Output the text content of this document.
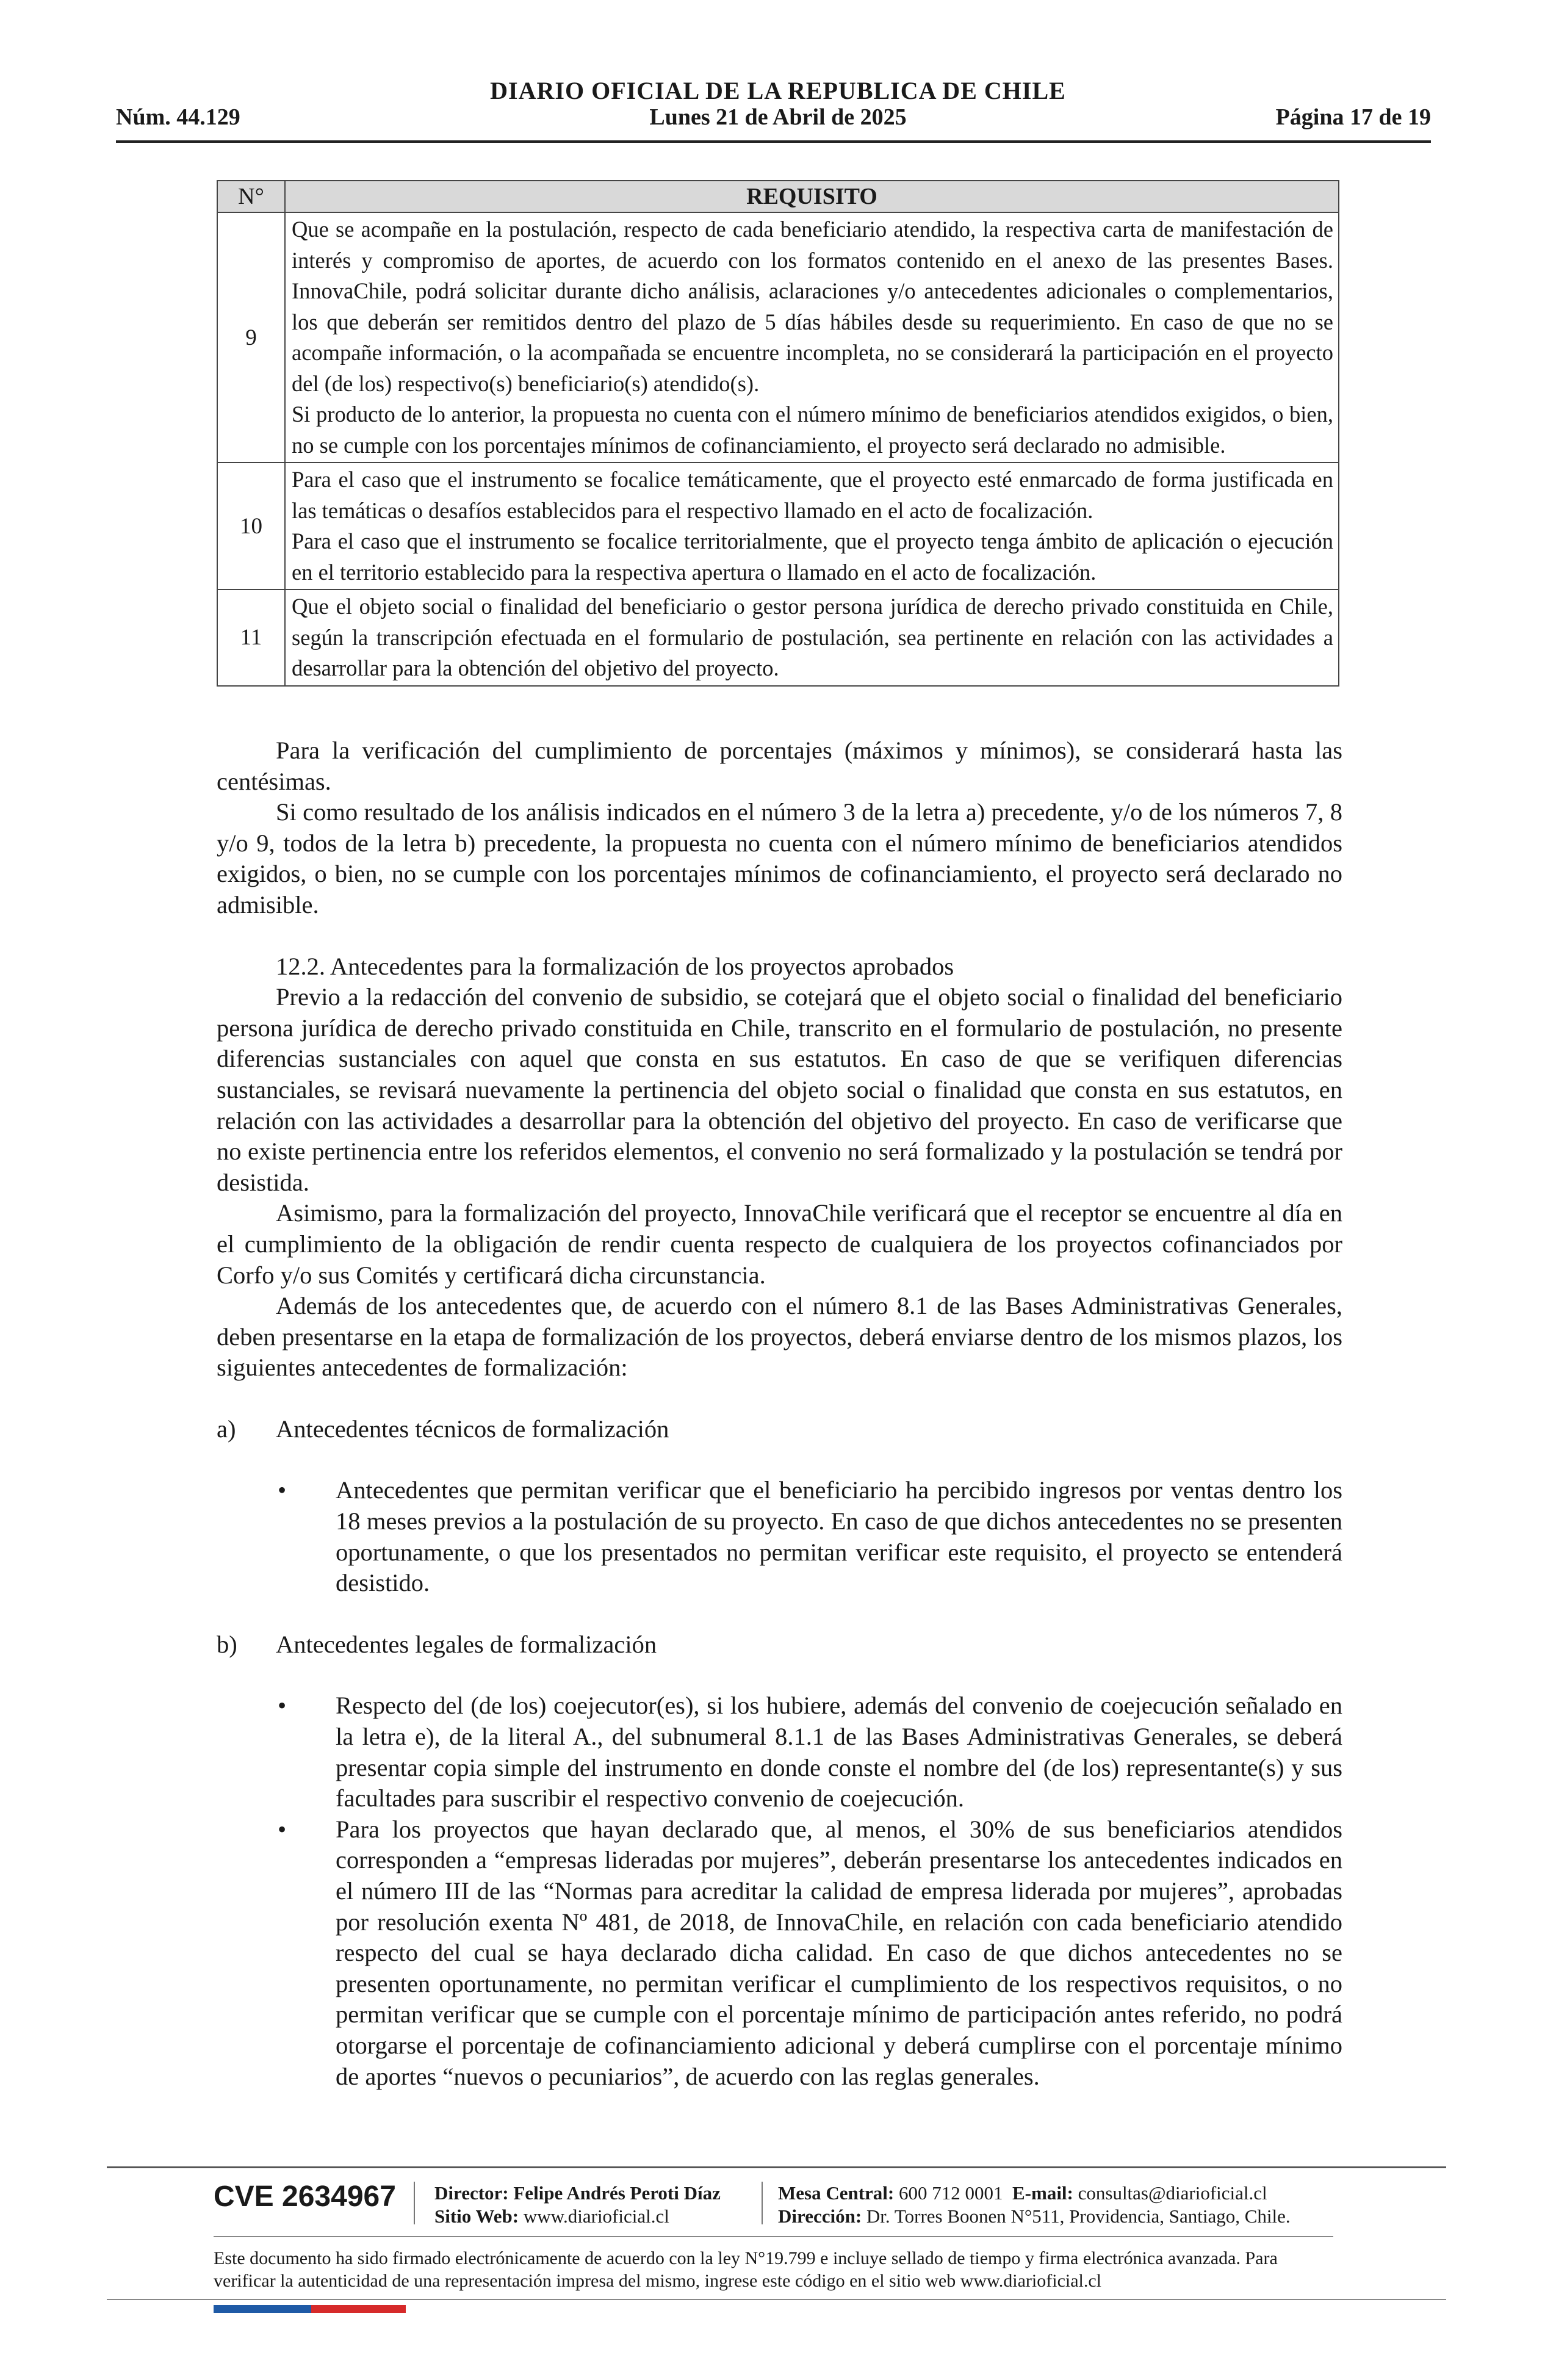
DIARIO OFICIAL DE LA REPUBLICA DE CHILE
Núm. 44.129	Lunes 21 de Abril de 2025	Página 17 de 19
N°	REQUISITO
9	Que se acompañe en la postulación, respecto de cada beneficiario atendido, la respectiva carta de manifestación de interés y compromiso de aportes, de acuerdo con los formatos contenido en el anexo de las presentes Bases. InnovaChile, podrá solicitar durante dicho análisis, aclaraciones y/o antecedentes adicionales o complementarios, los que deberán ser remitidos dentro del plazo de 5 días hábiles desde su requerimiento. En caso de que no se acompañe información, o la acompañada se encuentre incompleta, no se considerará la participación en el proyecto del (de los) respectivo(s) beneficiario(s) atendido(s).
Si producto de lo anterior, la propuesta no cuenta con el número mínimo de beneficiarios atendidos exigidos, o bien, no se cumple con los porcentajes mínimos de cofinanciamiento, el proyecto será declarado no admisible.
10	Para el caso que el instrumento se focalice temáticamente, que el proyecto esté enmarcado de forma justificada en las temáticas o desafíos establecidos para el respectivo llamado en el acto de focalización.
Para el caso que el instrumento se focalice territorialmente, que el proyecto tenga ámbito de aplicación o ejecución en el territorio establecido para la respectiva apertura o llamado en el acto de focalización.
11	Que el objeto social o finalidad del beneficiario o gestor persona jurídica de derecho privado constituida en Chile, según la transcripción efectuada en el formulario de postulación, sea pertinente en relación con las actividades a desarrollar para la obtención del objetivo del proyecto.

Para la verificación del cumplimiento de porcentajes (máximos y mínimos), se considerará hasta las centésimas.

Si como resultado de los análisis indicados en el número 3 de la letra a) precedente, y/o de los números 7, 8 y/o 9, todos de la letra b) precedente, la propuesta no cuenta con el número mínimo de beneficiarios atendidos exigidos, o bien, no se cumple con los porcentajes mínimos de cofinanciamiento, el proyecto será declarado no admisible.

12.2. Antecedentes para la formalización de los proyectos aprobados

Previo a la redacción del convenio de subsidio, se cotejará que el objeto social o finalidad del beneficiario persona jurídica de derecho privado constituida en Chile, transcrito en el formulario de postulación, no presente diferencias sustanciales con aquel que consta en sus estatutos. En caso de que se verifiquen diferencias sustanciales, se revisará nuevamente la pertinencia del objeto social o finalidad que consta en sus estatutos, en relación con las actividades a desarrollar para la obtención del objetivo del proyecto. En caso de verificarse que no existe pertinencia entre los referidos elementos, el convenio no será formalizado y la postulación se tendrá por desistida.

Asimismo, para la formalización del proyecto, InnovaChile verificará que el receptor se encuentre al día en el cumplimiento de la obligación de rendir cuenta respecto de cualquiera de los proyectos cofinanciados por Corfo y/o sus Comités y certificará dicha circunstancia.

Además de los antecedentes que, de acuerdo con el número 8.1 de las Bases Administrativas Generales, deben presentarse en la etapa de formalización de los proyectos, deberá enviarse dentro de los mismos plazos, los siguientes antecedentes de formalización:

a) Antecedentes técnicos de formalización
• Antecedentes que permitan verificar que el beneficiario ha percibido ingresos por ventas dentro los 18 meses previos a la postulación de su proyecto. En caso de que dichos antecedentes no se presenten oportunamente, o que los presentados no permitan verificar este requisito, el proyecto se entenderá desistido.
b) Antecedentes legales de formalización
• Respecto del (de los) coejecutor(es), si los hubiere, además del convenio de coejecución señalado en la letra e), de la literal A., del subnumeral 8.1.1 de las Bases Administrativas Generales, se deberá presentar copia simple del instrumento en donde conste el nombre del (de los) representante(s) y sus facultades para suscribir el respectivo convenio de coejecución.
• Para los proyectos que hayan declarado que, al menos, el 30% de sus beneficiarios atendidos corresponden a “empresas lideradas por mujeres”, deberán presentarse los antecedentes indicados en el número III de las “Normas para acreditar la calidad de empresa liderada por mujeres”, aprobadas por resolución exenta Nº 481, de 2018, de InnovaChile, en relación con cada beneficiario atendido respecto del cual se haya declarado dicha calidad. En caso de que dichos antecedentes no se presenten oportunamente, no permitan verificar el cumplimiento de los respectivos requisitos, o no permitan verificar que se cumple con el porcentaje mínimo de participación antes referido, no podrá otorgarse el porcentaje de cofinanciamiento adicional y deberá cumplirse con el porcentaje mínimo de aportes “nuevos o pecuniarios”, de acuerdo con las reglas generales.
CVE 2634967 Director: Felipe Andrés Peroti Díaz
Sitio Web: www.diarioficial.cl
Mesa Central: 600 712 0001 E-mail: consultas@diarioficial.cl
Dirección: Dr. Torres Boonen N°511, Providencia, Santiago, Chile.
Este documento ha sido firmado electrónicamente de acuerdo con la ley N°19.799 e incluye sellado de tiempo y firma electrónica avanzada. Para verificar la autenticidad de una representación impresa del mismo, ingrese este código en el sitio web www.diarioficial.cl
